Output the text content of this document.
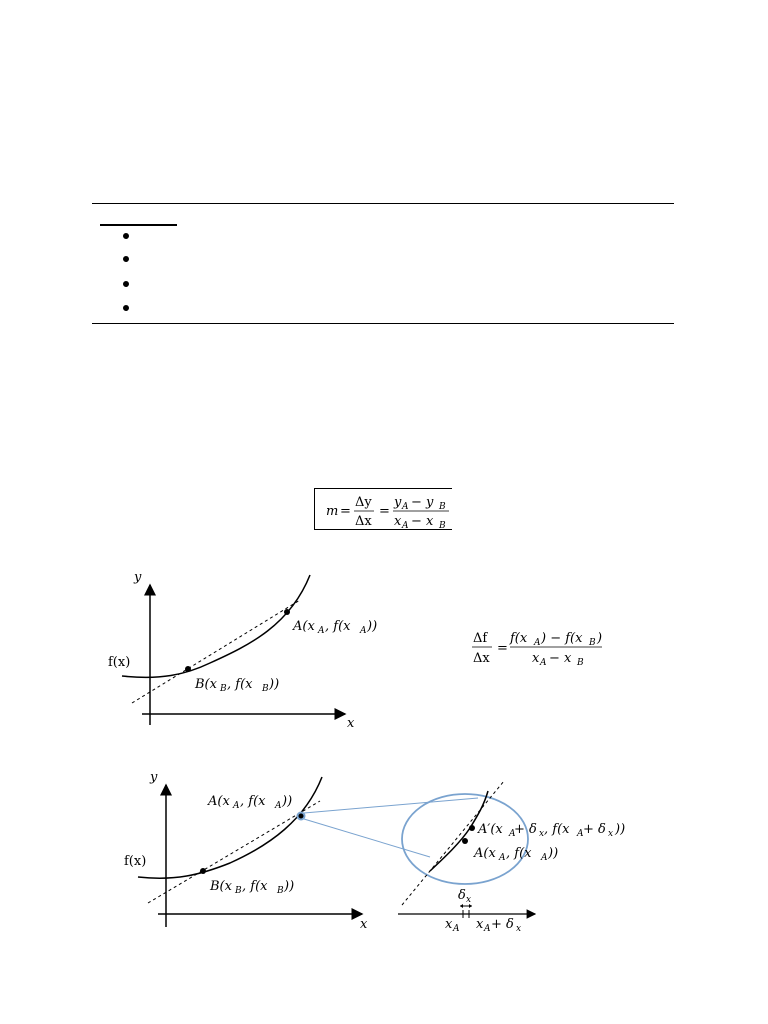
m =
Δy
Δx
=
y A − y B
x A − x B
y
x
f(x)
A(x A , f(x A ))
B(x B , f(x B ))
Δf
Δx
=
f(x A ) − f(x B )
x A − x B
y
x
f(x)
A(x A , f(x A ))
B(x B , f(x B ))
A′(x A
+ δ x , f(x A + δ x ))
A(x A , f(x A ))
δ x
x A x A + δ x
